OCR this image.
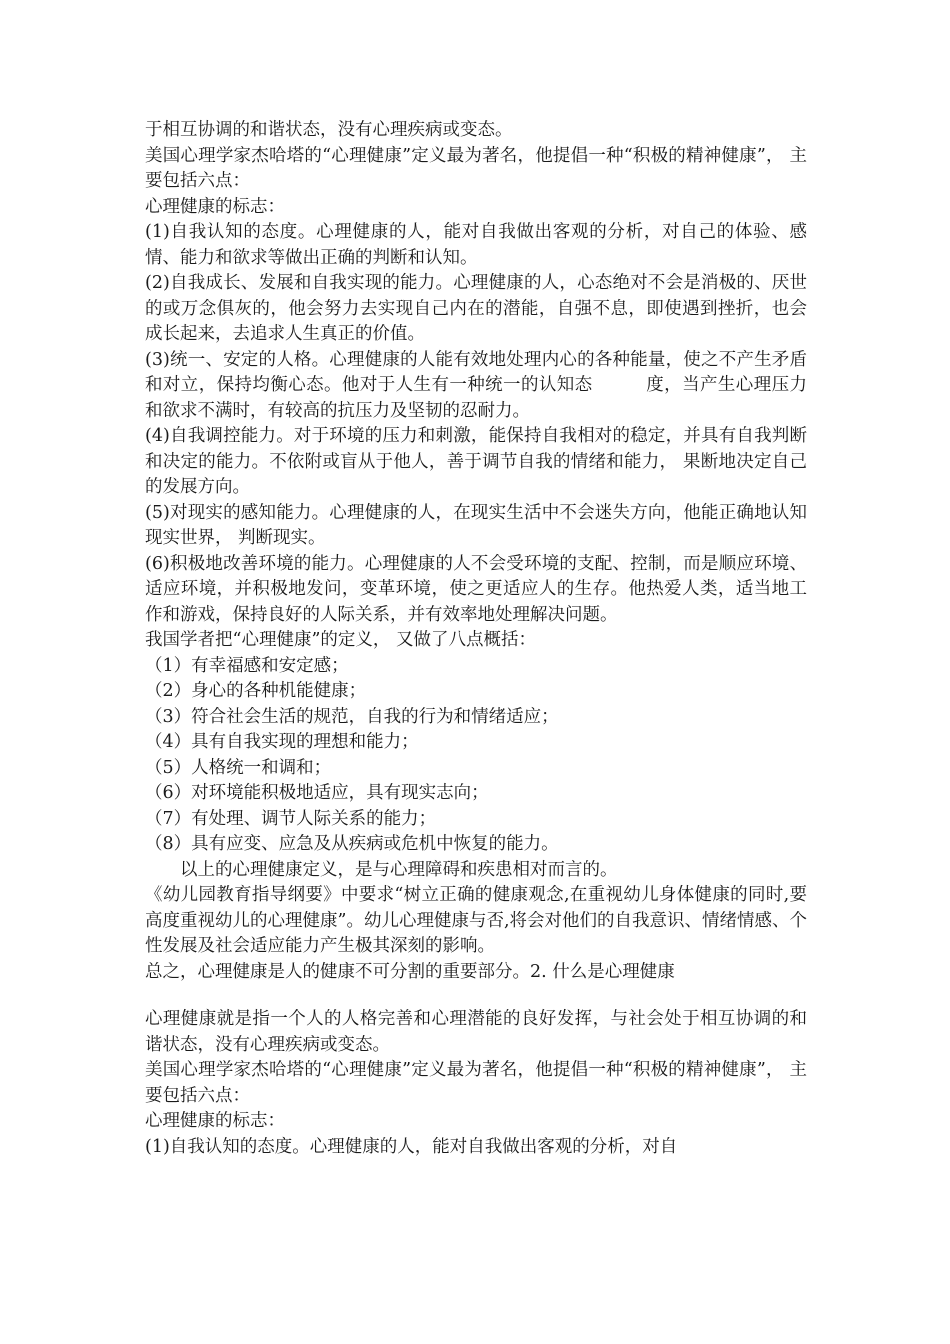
于相互协调的和谐状态，没有心理疾病或变态。

美国心理学家杰哈塔的“心理健康”定义最为著名，他提倡一种“积极的精神健康”， 主要包括六点：

心理健康的标志：

(1)自我认知的态度。心理健康的人，能对自我做出客观的分析，对自己的体验、感情、能力和欲求等做出正确的判断和认知。

(2)自我成长、发展和自我实现的能力。心理健康的人，心态绝对不会是消极的、厌世的或万念俱灰的，他会努力去实现自己内在的潜能，自强不息，即使遇到挫折，也会成长起来，去追求人生真正的价值。

(3)统一、安定的人格。心理健康的人能有效地处理内心的各种能量，使之不产生矛盾和对立，保持均衡心态。他对于人生有一种统一的认知态　　　度，当产生心理压力和欲求不满时，有较高的抗压力及坚韧的忍耐力。

(4)自我调控能力。对于环境的压力和刺激，能保持自我相对的稳定，并具有自我判断和决定的能力。不依附或盲从于他人，善于调节自我的情绪和能力， 果断地决定自己的发展方向。

(5)对现实的感知能力。心理健康的人，在现实生活中不会迷失方向，他能正确地认知现实世界， 判断现实。

(6)积极地改善环境的能力。心理健康的人不会受环境的支配、控制，而是顺应环境、适应环境，并积极地发问，变革环境，使之更适应人的生存。他热爱人类，适当地工作和游戏，保持良好的人际关系，并有效率地处理解决问题。

我国学者把“心理健康”的定义， 又做了八点概括：

（1）有幸福感和安定感；

（2）身心的各种机能健康；

（3）符合社会生活的规范，自我的行为和情绪适应；

（4）具有自我实现的理想和能力；

（5）人格统一和调和；

（6）对环境能积极地适应，具有现实志向；

（7）有处理、调节人际关系的能力；

（8）具有应变、应急及从疾病或危机中恢复的能力。

以上的心理健康定义，是与心理障碍和疾患相对而言的。

《幼儿园教育指导纲要》中要求“树立正确的健康观念,在重视幼儿身体健康的同时,要高度重视幼儿的心理健康”。幼儿心理健康与否,将会对他们的自我意识、情绪情感、个性发展及社会适应能力产生极其深刻的影响。

总之，心理健康是人的健康不可分割的重要部分。2. 什么是心理健康

心理健康就是指一个人的人格完善和心理潜能的良好发挥，与社会处于相互协调的和谐状态，没有心理疾病或变态。

美国心理学家杰哈塔的“心理健康”定义最为著名，他提倡一种“积极的精神健康”， 主要包括六点：

心理健康的标志：

(1)自我认知的态度。心理健康的人，能对自我做出客观的分析，对自
